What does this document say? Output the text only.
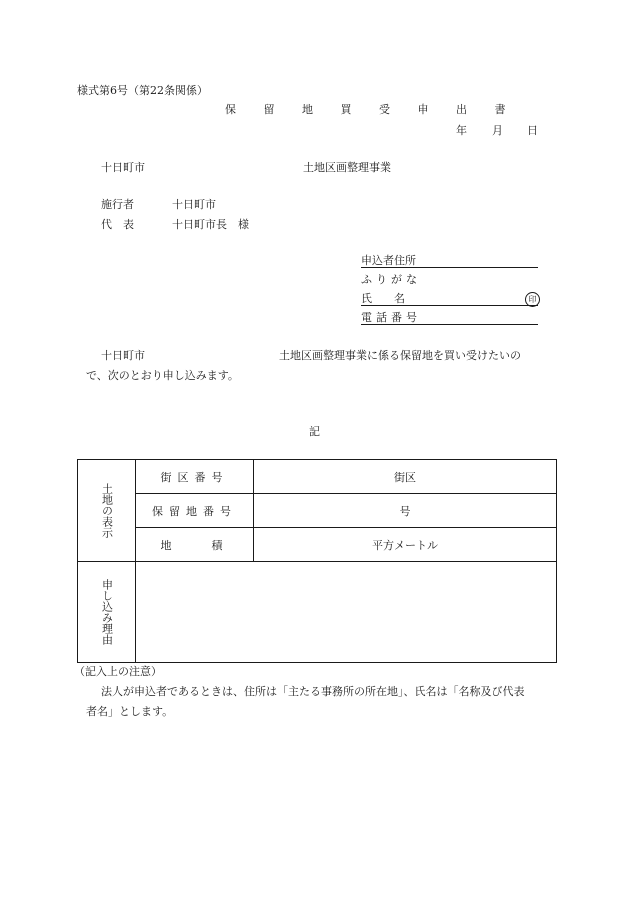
様式第6号（第22条関係）
保 留 地 買 受 申 出 書
年 月 日
十日町市	土地区画整理事業
施行者	十日町市
代　表	十日町市長　様
申込者住所
ふりがな
氏　　名	印
電話番号
十日町市	土地区画整理事業に係る保留地を買い受けたいの
で、次のとおり申し込みます。
記
土地の表示	街区番号	街区
	保留地番号	号
	地　　積	平方メートル

申し込み理由		

（記入上の注意）
法人が申込者であるときは、住所は「主たる事務所の所在地」、氏名は「名称及び代表
者名」とします。
